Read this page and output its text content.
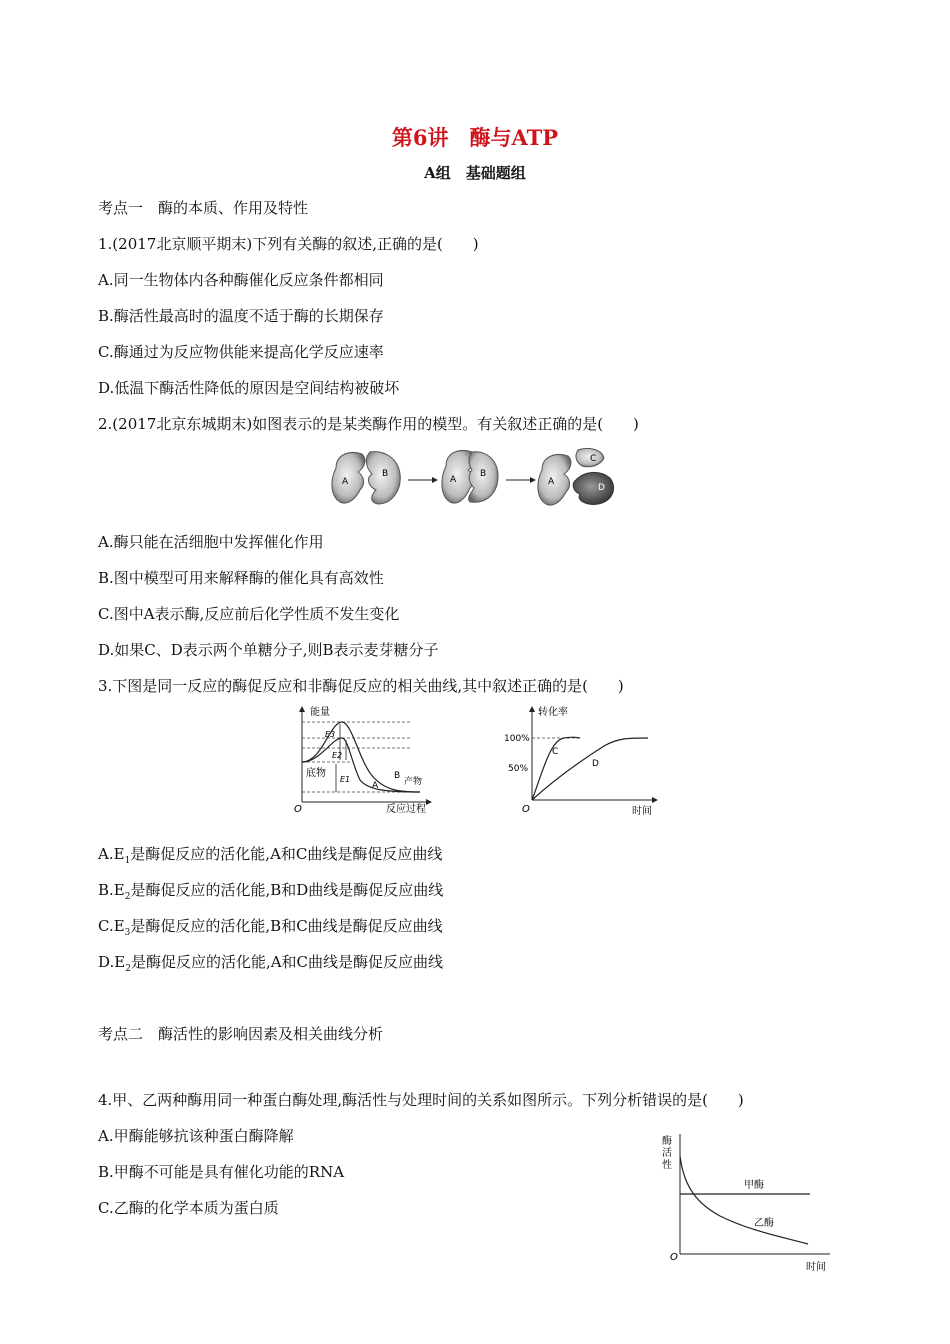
第6讲　酶与ATP
A组　基础题组
考点一　酶的本质、作用及特性
1.(2017北京顺平期末)下列有关酶的叙述,正确的是(　　)
A.同一生物体内各种酶催化反应条件都相同
B.酶活性最高时的温度不适于酶的长期保存
C.酶通过为反应物供能来提高化学反应速率
D.低温下酶活性降低的原因是空间结构被破坏
2.(2017北京东城期末)如图表示的是某类酶作用的模型。有关叙述正确的是(　　)
A
B
A
B
A
C
D
A.酶只能在活细胞中发挥催化作用
B.图中模型可用来解释酶的催化具有高效性
C.图中A表示酶,反应前后化学性质不发生变化
D.如果C、D表示两个单糖分子,则B表示麦芽糖分子
3.下图是同一反应的酶促反应和非酶促反应的相关曲线,其中叙述正确的是(　　)
能量
O	反应过程
E3
E2
E1
底物
产物
A
B
转化率
O	时间
100%
50%
C
D
$A.E_1$是酶促反应的活化能,A和C曲线是酶促反应曲线
$B.E_2$是酶促反应的活化能,B和D曲线是酶促反应曲线
$C.E_3$是酶促反应的活化能,B和C曲线是酶促反应曲线
$D.E_2$是酶促反应的活化能,A和C曲线是酶促反应曲线
考点二　酶活性的影响因素及相关曲线分析
4.甲、乙两种酶用同一种蛋白酶处理,酶活性与处理时间的关系如图所示。下列分析错误的是(　　)
A.甲酶能够抗该种蛋白酶降解
B.甲酶不可能是具有催化功能的RNA
C.乙酶的化学本质为蛋白质
酶
活
性
O
时间
甲酶
乙酶
